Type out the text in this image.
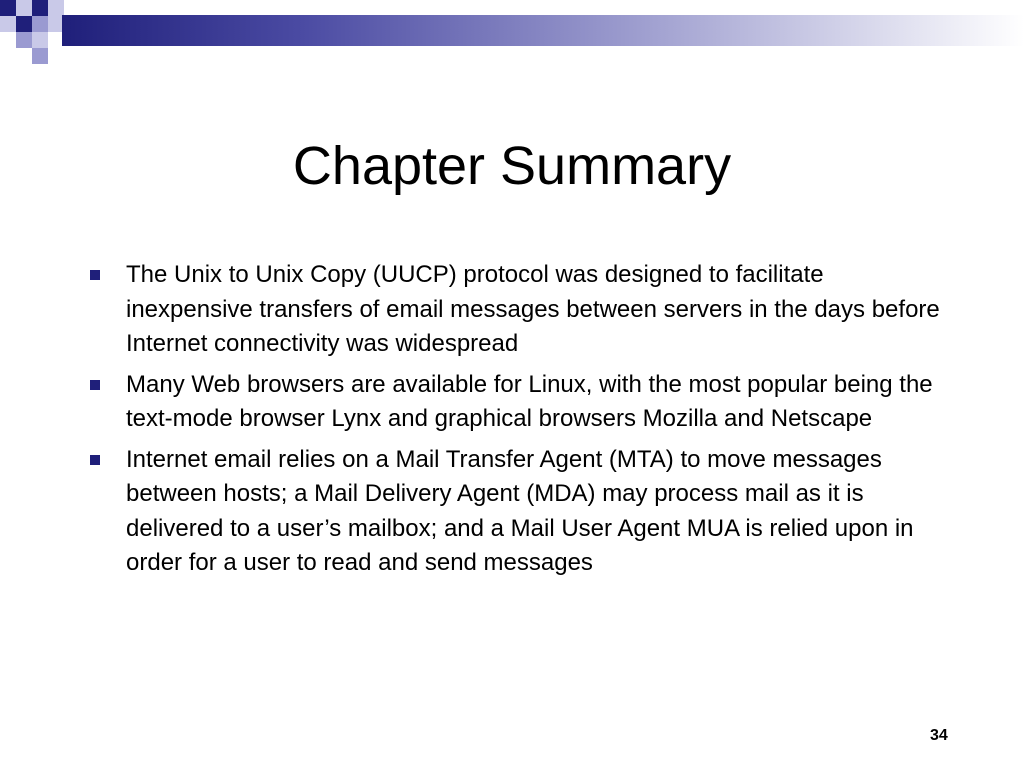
Chapter Summary
The Unix to Unix Copy (UUCP) protocol was designed to facilitate inexpensive transfers of email messages between servers in the days before Internet connectivity was widespread
Many Web browsers are available for Linux, with the most popular being the text-mode browser Lynx and graphical browsers Mozilla and Netscape
Internet email relies on a Mail Transfer Agent (MTA) to move messages between hosts; a Mail Delivery Agent (MDA) may process mail as it is delivered to a user’s mailbox; and a Mail User Agent MUA is relied upon in order for a user to read and send messages
34
